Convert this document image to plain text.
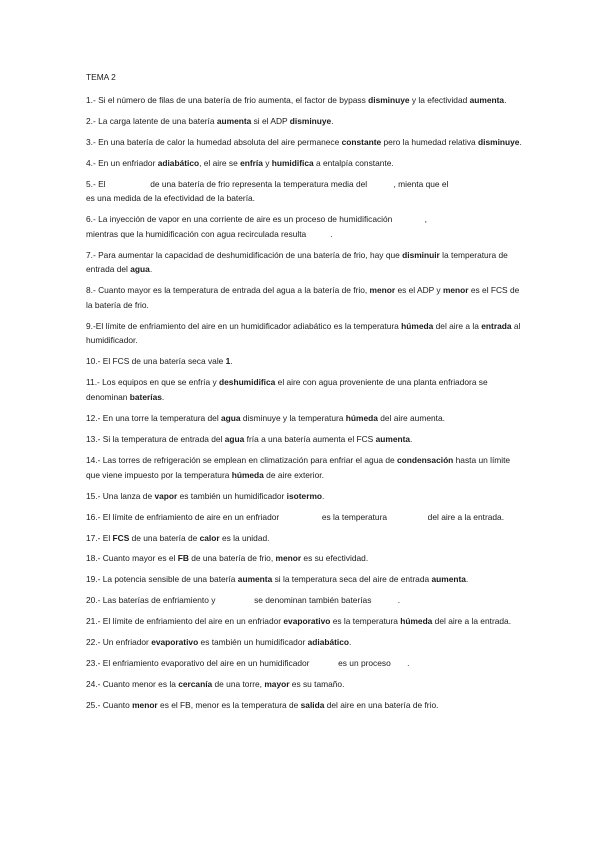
TEMA 2

1.- Si el número de filas de una batería de frio aumenta, el factor de bypass disminuye y la efectividad aumenta.

2.- La carga latente de una batería aumenta si el ADP disminuye.

3.- En una batería de calor la humedad absoluta del aire permanece constante pero la humedad relativa disminuye.

4.- En un enfriador adiabático, el aire se enfría y humidifica a entalpía constante.

5.- El	de una batería de frio representa la temperatura media del	, mienta que el
es una medida de la efectividad de la batería.

6.- La inyección de vapor en una corriente de aire es un proceso de humidificación	,
mientras que la humidificación con agua recirculada resulta	.

7.- Para aumentar la capacidad de deshumidificación de una batería de frio, hay que disminuir la temperatura de entrada del agua.

8.- Cuanto mayor es la temperatura de entrada del agua a la batería de frio, menor es el ADP y menor es el FCS de la batería de frio.

9.-El límite de enfriamiento del aire en un humidificador adiabático es la temperatura húmeda del aire a la entrada al humidificador.

10.- El FCS de una batería seca vale 1.

11.- Los equipos en que se enfría y deshumidifica el aire con agua proveniente de una planta enfriadora se denominan baterías.

12.- En una torre la temperatura del agua disminuye y la temperatura húmeda del aire aumenta.

13.- Si la temperatura de entrada del agua fría a una batería aumenta el FCS aumenta.

14.- Las torres de refrigeración se emplean en climatización para enfriar el agua de condensación hasta un límite que viene impuesto por la temperatura húmeda de aire exterior.

15.- Una lanza de vapor es también un humidificador isotermo.

16.- El límite de enfriamiento de aire en un enfriador	es la temperatura	del aire a la entrada.

17.- El FCS de una batería de calor es la unidad.

18.- Cuanto mayor es el FB de una batería de frio, menor es su efectividad.

19.- La potencia sensible de una batería aumenta si la temperatura seca del aire de entrada aumenta.

20.- Las baterías de enfriamiento y	se denominan también baterías	.

21.- El límite de enfriamiento del aire en un enfriador evaporativo es la temperatura húmeda del aire a la entrada.

22.- Un enfriador evaporativo es también un humidificador adiabático.

23.- El enfriamiento evaporativo del aire en un humidificador	es un proceso .

24.- Cuanto menor es la cercanía de una torre, mayor es su tamaño.

25.- Cuanto menor es el FB, menor es la temperatura de salida del aire en una batería de frio.
